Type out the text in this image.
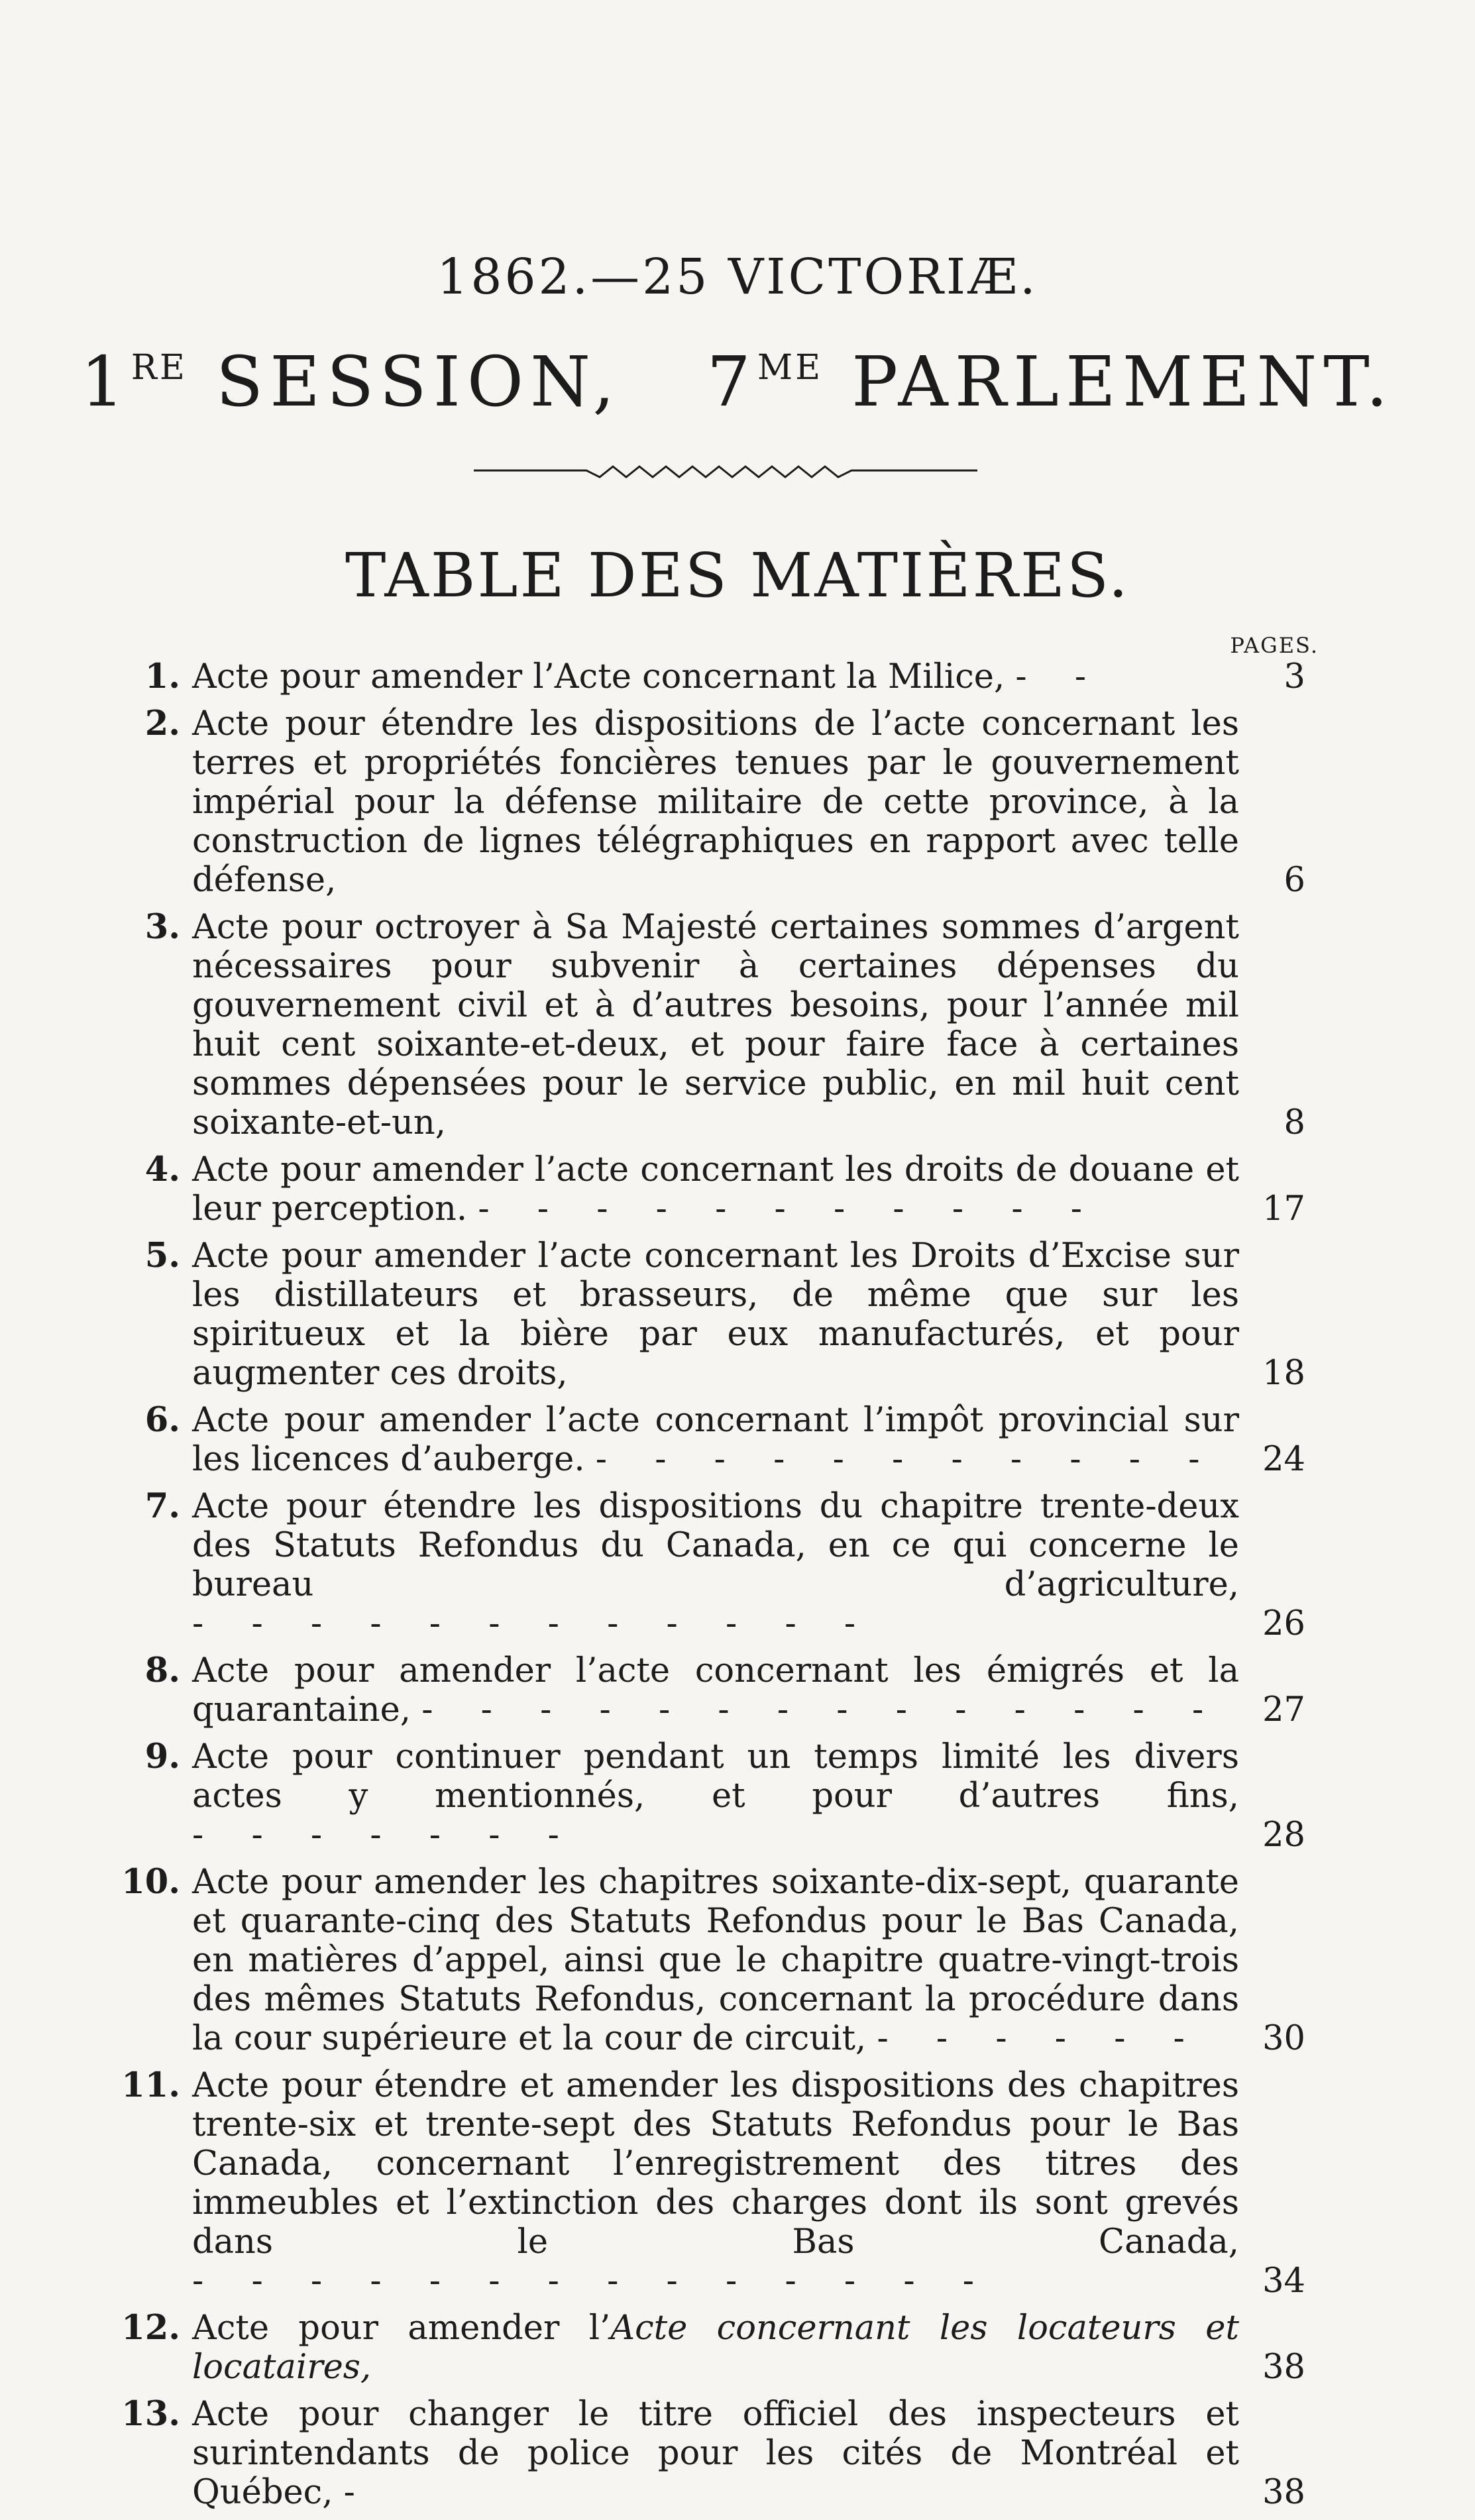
1862.—25 VICTORIÆ.
1RE SESSION, $7^{ME}$ PARLEMENT.
TABLE DES MATIÈRES.
PAGES.
1. Acte pour amender l’Acte concernant la Milice, - -	3
2. Acte pour étendre les dispositions de l’acte concernant les terres et propriétés foncières tenues par le gouvernement impérial pour la défense militaire de cette province, à la construction de lignes télégraphiques en rapport avec telle défense,	6
3. Acte pour octroyer à Sa Majesté certaines sommes d’argent nécessaires pour subvenir à certaines dépenses du gouvernement civil et à d’autres besoins, pour l’année mil huit cent soixante-et-deux, et pour faire face à certaines sommes dépensées pour le service public, en mil huit cent soixante-et-un,	8
4. Acte pour amender l’acte concernant les droits de douane et leur perception. - - - - - - - - - - -	17
5. Acte pour amender l’acte concernant les Droits d’Excise sur les distillateurs et brasseurs, de même que sur les spiritueux et la bière par eux manufacturés, et pour augmenter ces droits,	18
6. Acte pour amender l’acte concernant l’impôt provincial sur les licences d’auberge. - - - - - - - - - - -	24
7. Acte pour étendre les dispositions du chapitre trente-deux des Statuts Refondus du Canada, en ce qui concerne le bureau d’agriculture, - - - - - - - - - - - -	26
8. Acte pour amender l’acte concernant les émigrés et la quarantaine, - - - - - - - - - - - - - -	27
9. Acte pour continuer pendant un temps limité les divers actes y mentionnés, et pour d’autres fins, - - - - - - -	28
10. Acte pour amender les chapitres soixante-dix-sept, quarante et quarante-cinq des Statuts Refondus pour le Bas Canada, en matières d’appel, ainsi que le chapitre quatre-vingt-trois des mêmes Statuts Refondus, concernant la procédure dans la cour supérieure et la cour de circuit, - - - - - -	30
11. Acte pour étendre et amender les dispositions des chapitres trente-six et trente-sept des Statuts Refondus pour le Bas Canada, concernant l’enregistrement des titres des immeubles et l’extinction des charges dont ils sont grevés dans le Bas Canada, - - - - - - - - - - - - - -	34
12. Acte pour amender l’Acte concernant les locateurs et locataires,	38
13. Acte pour changer le titre officiel des inspecteurs et surintendants de police pour les cités de Montréal et Québec, -	38
